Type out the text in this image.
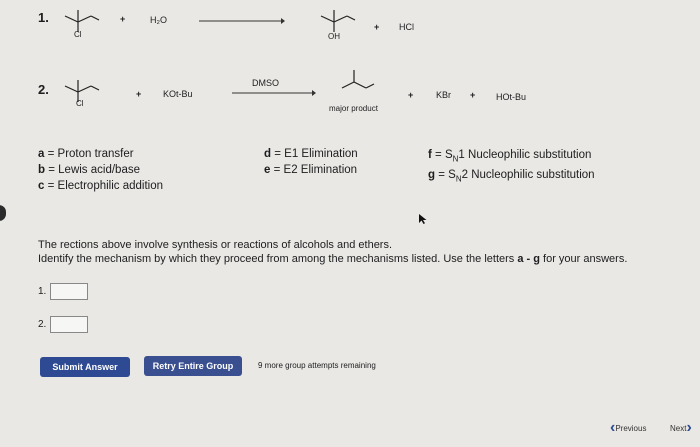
1.
Cl
+	H₂O
OH
+ HCl
2.
Cl
+ KOt-Bu
DMSO
major product
+	KBr + HOt-Bu
a = Proton transfer
b = Lewis acid/base
c = Electrophilic addition
d = E1 Elimination
e = E2 Elimination
$f = S_N1$ Nucleophilic substitution
$g = S_N2$ Nucleophilic substitution
The rections above involve synthesis or reactions of alcohols and ethers.
Identify the mechanism by which they proceed from among the mechanisms listed. Use the letters a - g for your answers.
1.
2.
Submit Answer	Retry Entire Group	9 more group attempts remaining
‹ Previous	Next ›
